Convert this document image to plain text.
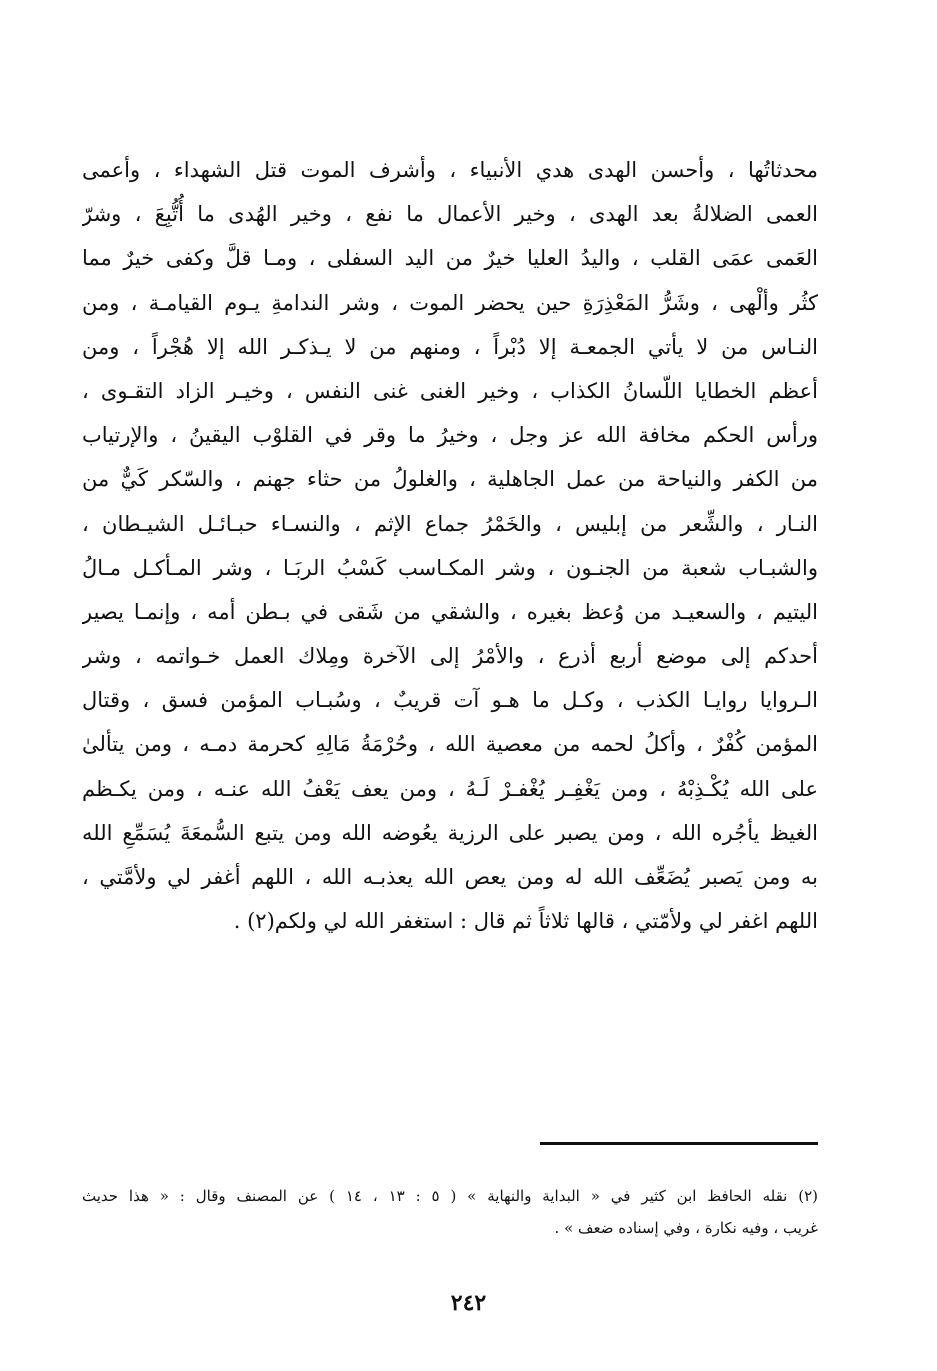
محدثاتُها ، وأحسن الهدى هدي الأنبياء ، وأشرف الموت قتل الشهداء ، وأعمى
العمى الضلالةُ بعد الهدى ، وخير الأعمال ما نفع ، وخير الهُدى ما أُتُّبِعَ ، وشرّ
العَمى عمَى القلب ، واليدُ العليا خيرٌ من اليد السفلى ، ومـا قلَّ وكفى خيرٌ مما
كثُر وألْهى ، وشَرُّ المَعْذِرَةِ حين يحضر الموت ، وشر الندامةِ يـوم القيامـة ، ومن
النـاس من لا يأتي الجمعـة إلا دُبْراً ، ومنهم من لا يـذكـر الله إلا هُجْراً ، ومن
أعظم الخطايا اللّسانُ الكذاب ، وخير الغنى غنى النفس ، وخيـر الزاد التقـوى ،
ورأس الحكم مخافة الله عز وجل ، وخيرُ ما وقر في القلوْب اليقينُ ، والإرتياب
من الكفر والنياحة من عمل الجاهلية ، والغلولُ من حثاء جهنم ، والسّكر كَيٌّ من
النـار ، والشِّعر من إبليس ، والخَمْرُ جماع الإثم ، والنسـاء حبـائـل الشيـطان ،
والشبـاب شعبة من الجنـون ، وشر المكـاسب كَسْبُ الربَـا ، وشر المـأكـل مـالُ
اليتيم ، والسعيـد من وُعظ بغيره ، والشقي من شَقى في بـطن أمه ، وإنمـا يصير
أحدكم إلى موضع أربع أذرع ، والأمْرُ إلى الآخرة ومِلاك العمل خـواتمه ، وشر
الـروايا روايـا الكذب ، وكـل ما هـو آت قريبٌ ، وسُبـاب المؤمن فسق ، وقتال
المؤمن كُفْرٌ ، وأكلُ لحمه من معصية الله ، وحُرْمَةُ مَالِهِ كحرمة دمـه ، ومن يتألىٰ
على الله يُكْـذِبْهُ ، ومن يَغْفِـر يُغْفـرْ لَـهُ ، ومن يعف يَعْفُ الله عنـه ، ومن يكـظم
الغيظ يأجُره الله ، ومن يصبر على الرزية يعُوضه الله ومن يتبع السُّمعَةَ يُسَمِّعِ الله
به ومن يَصبر يُضَعِّف الله له ومن يعص الله يعذبـه الله ، اللهم أغفر لي ولأمَّتي ،
اللهم اغفر لي ولأمّتي ، قالها ثلاثاً ثم قال : استغفر الله لي ولكم(٢) .
(٢) نقله الحافظ ابن كثير في « البداية والنهاية » ( ٥ : ١٣ ، ١٤ ) عن المصنف وقال : « هذا حديث
غريب ، وفيه نكارة ، وفي إسناده ضعف » .
٢٤٢
